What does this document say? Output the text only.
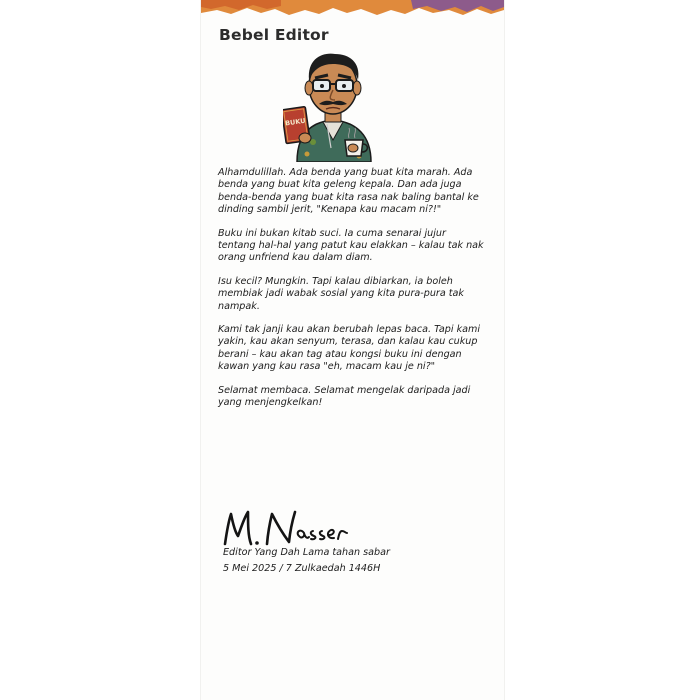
Bebel Editor
BUKU

Alhamdulillah. Ada benda yang buat kita marah. Ada benda yang buat kita geleng kepala. Dan ada juga benda-benda yang buat kita rasa nak baling bantal ke dinding sambil jerit, "Kenapa kau macam ni?!"

Buku ini bukan kitab suci. Ia cuma senarai jujur tentang hal-hal yang patut kau elakkan – kalau tak nak orang unfriend kau dalam diam.

Isu kecil? Mungkin. Tapi kalau dibiarkan, ia boleh membiak jadi wabak sosial yang kita pura-pura tak nampak.

Kami tak janji kau akan berubah lepas baca. Tapi kami yakin, kau akan senyum, terasa, dan kalau kau cukup berani – kau akan tag atau kongsi buku ini dengan kawan yang kau rasa "eh, macam kau je ni?"

Selamat membaca. Selamat mengelak daripada jadi yang menjengkelkan!

Editor Yang Dah Lama tahan sabar
5 Mei 2025 / 7 Zulkaedah 1446H
